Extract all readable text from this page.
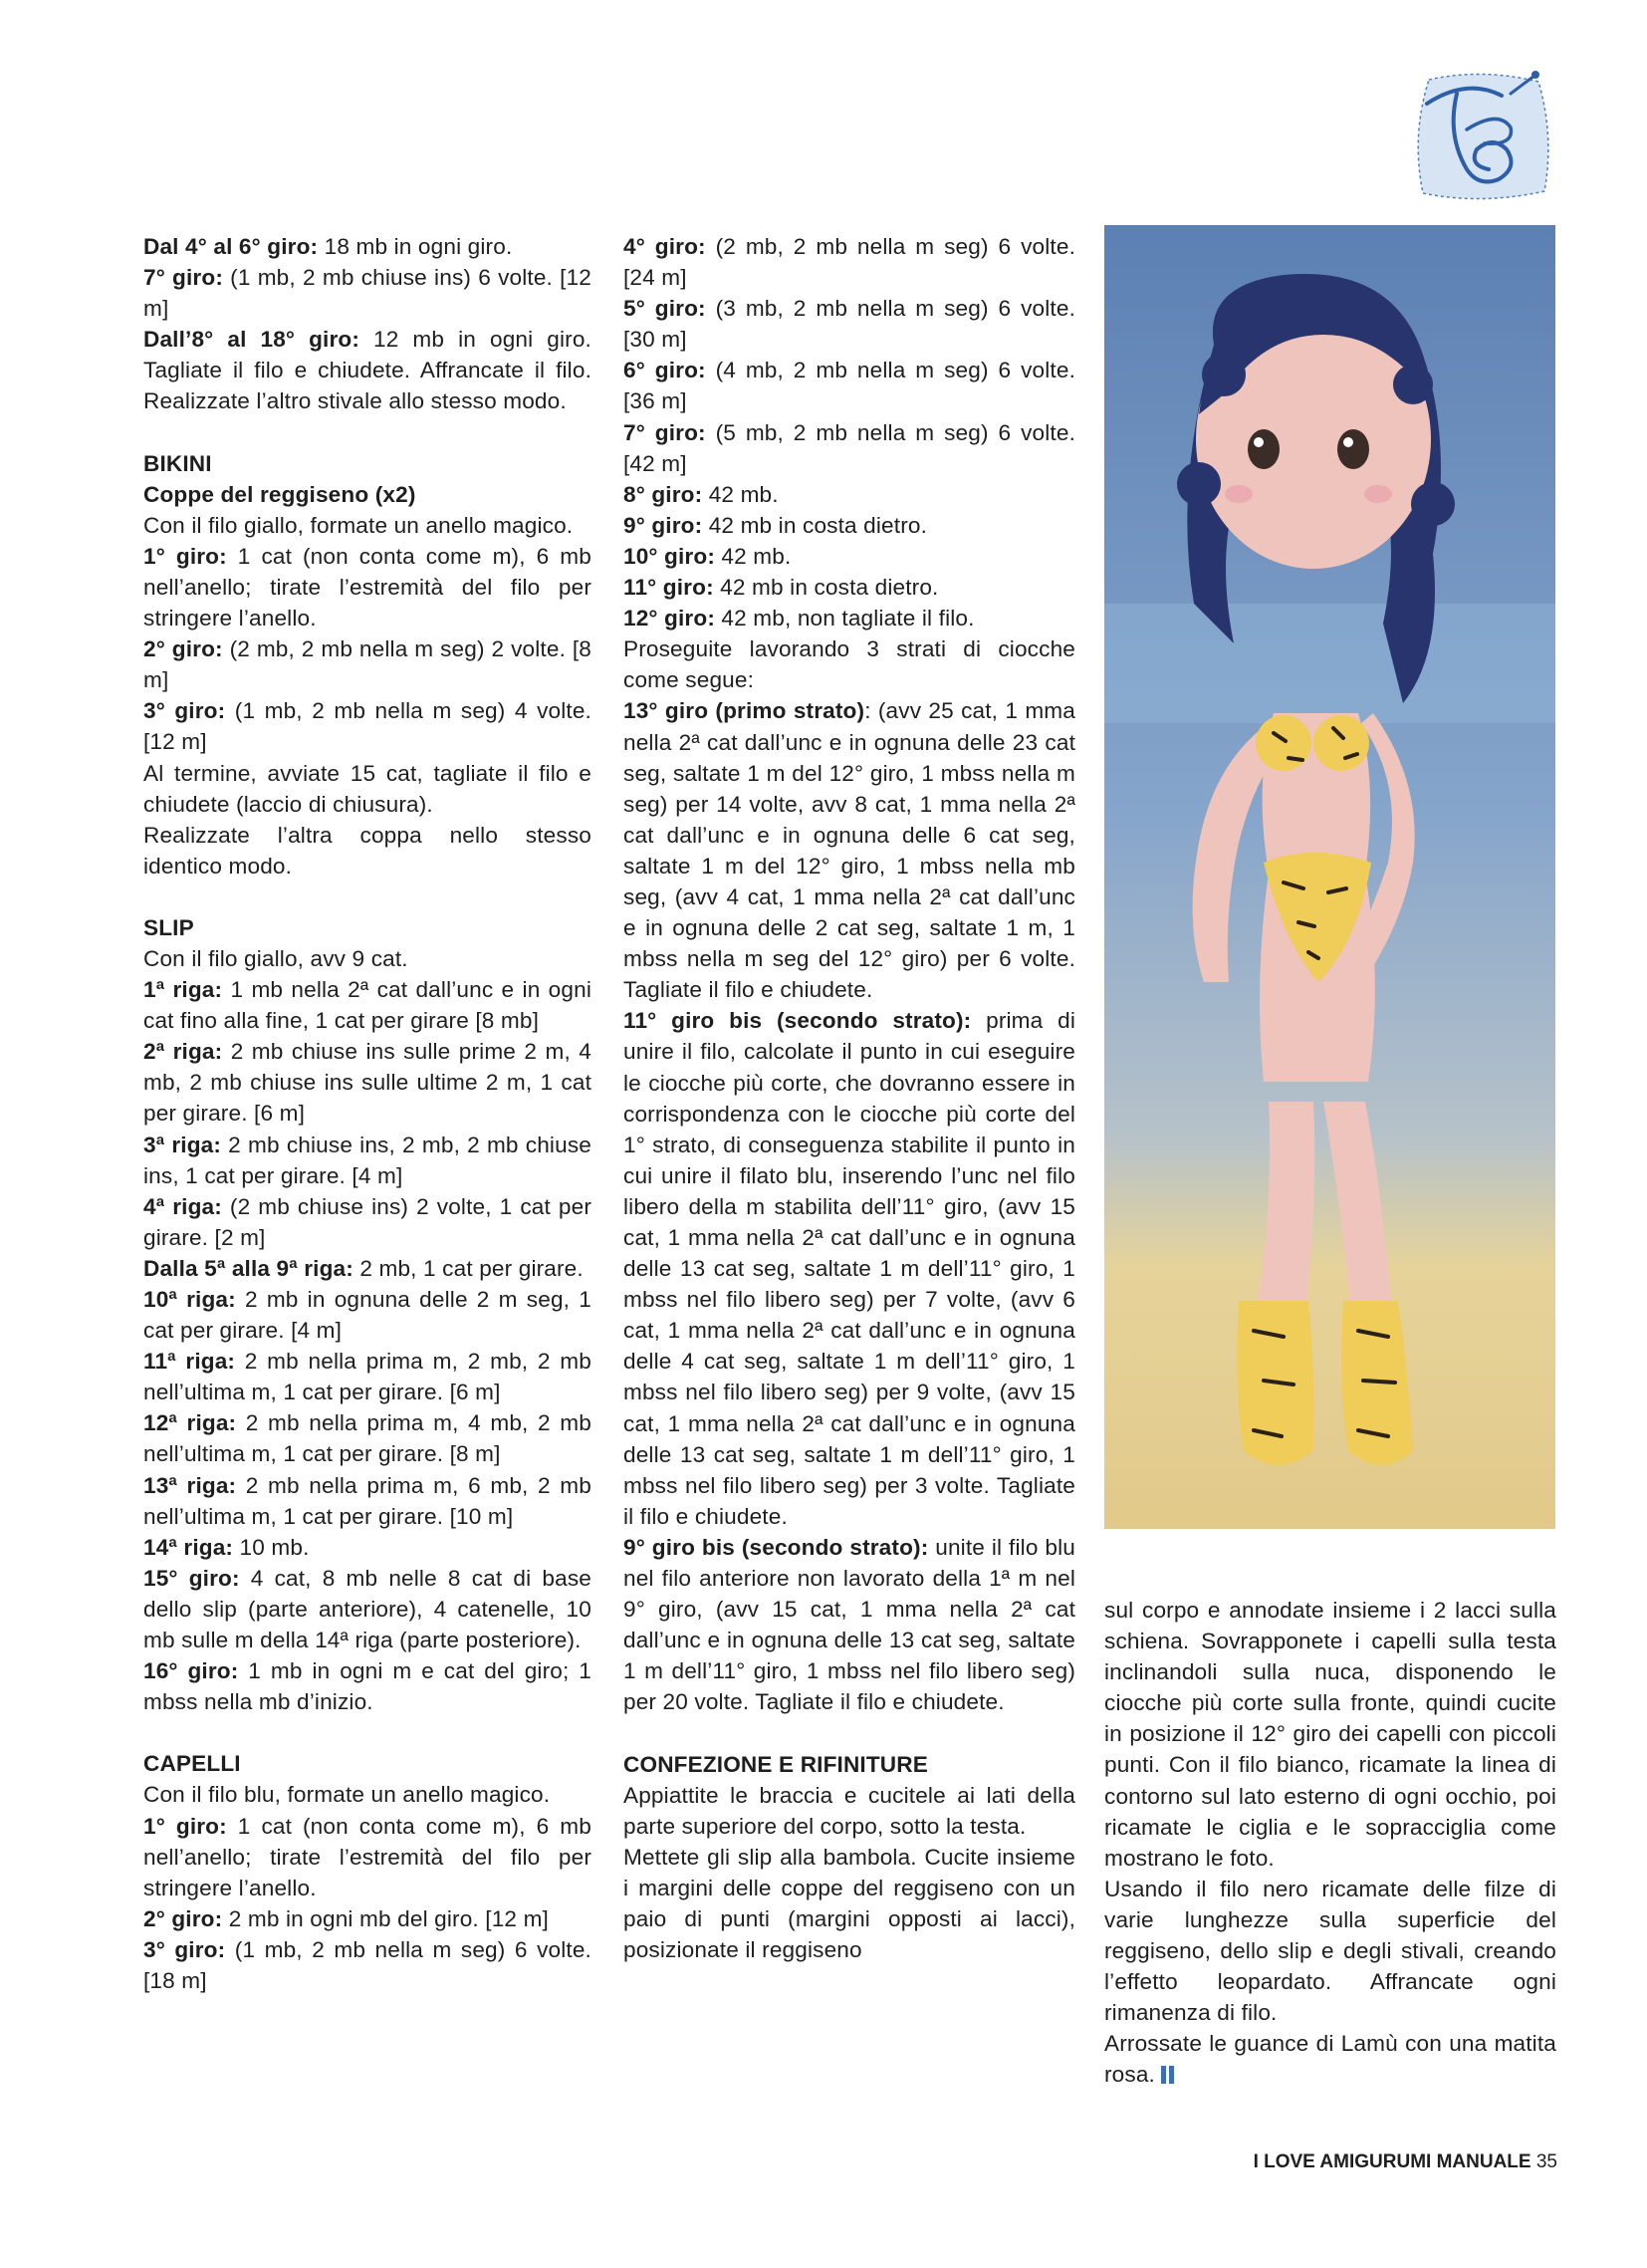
Dal 4° al 6° giro: 18 mb in ogni giro.

7° giro: (1 mb, 2 mb chiuse ins) 6 volte. [12 m]

Dall’8° al 18° giro: 12 mb in ogni giro. Tagliate il filo e chiudete. Affrancate il filo. Realizzate l’altro stivale allo stesso modo.

BIKINI

Coppe del reggiseno (x2)

Con il filo giallo, formate un anello magico.

1° giro: 1 cat (non conta come m), 6 mb nell’anello; tirate l’estremità del filo per stringere l’anello.

2° giro: (2 mb, 2 mb nella m seg) 2 volte. [8 m]

3° giro: (1 mb, 2 mb nella m seg) 4 volte. [12 m]

Al termine, avviate 15 cat, tagliate il filo e chiudete (laccio di chiusura).

Realizzate l’altra coppa nello stesso identico modo.

SLIP

Con il filo giallo, avv 9 cat.

1ª riga: 1 mb nella 2ª cat dall’unc e in ogni cat fino alla fine, 1 cat per girare [8 mb]

2ª riga: 2 mb chiuse ins sulle prime 2 m, 4 mb, 2 mb chiuse ins sulle ultime 2 m, 1 cat per girare. [6 m]

3ª riga: 2 mb chiuse ins, 2 mb, 2 mb chiuse ins, 1 cat per girare. [4 m]

4ª riga: (2 mb chiuse ins) 2 volte, 1 cat per girare. [2 m]

Dalla 5ª alla 9ª riga: 2 mb, 1 cat per girare.

10ª riga: 2 mb in ognuna delle 2 m seg, 1 cat per girare. [4 m]

11ª riga: 2 mb nella prima m, 2 mb, 2 mb nell’ultima m, 1 cat per girare. [6 m]

12ª riga: 2 mb nella prima m, 4 mb, 2 mb nell’ultima m, 1 cat per girare. [8 m]

13ª riga: 2 mb nella prima m, 6 mb, 2 mb nell’ultima m, 1 cat per girare. [10 m]

14ª riga: 10 mb.

15° giro: 4 cat, 8 mb nelle 8 cat di base dello slip (parte anteriore), 4 catenelle, 10 mb sulle m della 14ª riga (parte posteriore).

16° giro: 1 mb in ogni m e cat del giro; 1 mbss nella mb d’inizio.

CAPELLI

Con il filo blu, formate un anello magico.

1° giro: 1 cat (non conta come m), 6 mb nell’anello; tirate l’estremità del filo per stringere l’anello.

2° giro: 2 mb in ogni mb del giro. [12 m]

3° giro: (1 mb, 2 mb nella m seg) 6 volte. [18 m]

4° giro: (2 mb, 2 mb nella m seg) 6 volte. [24 m]

5° giro: (3 mb, 2 mb nella m seg) 6 volte. [30 m]

6° giro: (4 mb, 2 mb nella m seg) 6 volte. [36 m]

7° giro: (5 mb, 2 mb nella m seg) 6 volte. [42 m]

8° giro: 42 mb.

9° giro: 42 mb in costa dietro.

10° giro: 42 mb.

11° giro: 42 mb in costa dietro.

12° giro: 42 mb, non tagliate il filo.

Proseguite lavorando 3 strati di ciocche come segue:

13° giro (primo strato): (avv 25 cat, 1 mma nella 2ª cat dall’unc e in ognuna delle 23 cat seg, saltate 1 m del 12° giro, 1 mbss nella m seg) per 14 volte, avv 8 cat, 1 mma nella 2ª cat dall’unc e in ognuna delle 6 cat seg, saltate 1 m del 12° giro, 1 mbss nella mb seg, (avv 4 cat, 1 mma nella 2ª cat dall’unc e in ognuna delle 2 cat seg, saltate 1 m, 1 mbss nella m seg del 12° giro) per 6 volte. Tagliate il filo e chiudete.

11° giro bis (secondo strato): prima di unire il filo, calcolate il punto in cui eseguire le ciocche più corte, che dovranno essere in corrispondenza con le ciocche più corte del 1° strato, di conseguenza stabilite il punto in cui unire il filato blu, inserendo l’unc nel filo libero della m stabilita dell’11° giro, (avv 15 cat, 1 mma nella 2ª cat dall’unc e in ognuna delle 13 cat seg, saltate 1 m dell’11° giro, 1 mbss nel filo libero seg) per 7 volte, (avv 6 cat, 1 mma nella 2ª cat dall’unc e in ognuna delle 4 cat seg, saltate 1 m dell’11° giro, 1 mbss nel filo libero seg) per 9 volte, (avv 15 cat, 1 mma nella 2ª cat dall’unc e in ognuna delle 13 cat seg, saltate 1 m dell’11° giro, 1 mbss nel filo libero seg) per 3 volte. Tagliate il filo e chiudete.

9° giro bis (secondo strato): unite il filo blu nel filo anteriore non lavorato della 1ª m nel 9° giro, (avv 15 cat, 1 mma nella 2ª cat dall’unc e in ognuna delle 13 cat seg, saltate 1 m dell’11° giro, 1 mbss nel filo libero seg) per 20 volte. Tagliate il filo e chiudete.

CONFEZIONE E RIFINITURE

Appiattite le braccia e cucitele ai lati della parte superiore del corpo, sotto la testa.

Mettete gli slip alla bambola. Cucite insieme i margini delle coppe del reggiseno con un paio di punti (margini opposti ai lacci), posizionate il reggiseno

sul corpo e annodate insieme i 2 lacci sulla schiena. Sovrapponete i capelli sulla testa inclinandoli sulla nuca, disponendo le ciocche più corte sulla fronte, quindi cucite in posizione il 12° giro dei capelli con piccoli punti. Con il filo bianco, ricamate la linea di contorno sul lato esterno di ogni occhio, poi ricamate le ciglia e le sopracciglia come mostrano le foto.

Usando il filo nero ricamate delle filze di varie lunghezze sulla superficie del reggiseno, dello slip e degli stivali, creando l’effetto leopardato. Affrancate ogni rimanenza di filo.

Arrossate le guance di Lamù con una matita rosa.

I LOVE AMIGURUMI MANUALE 35
